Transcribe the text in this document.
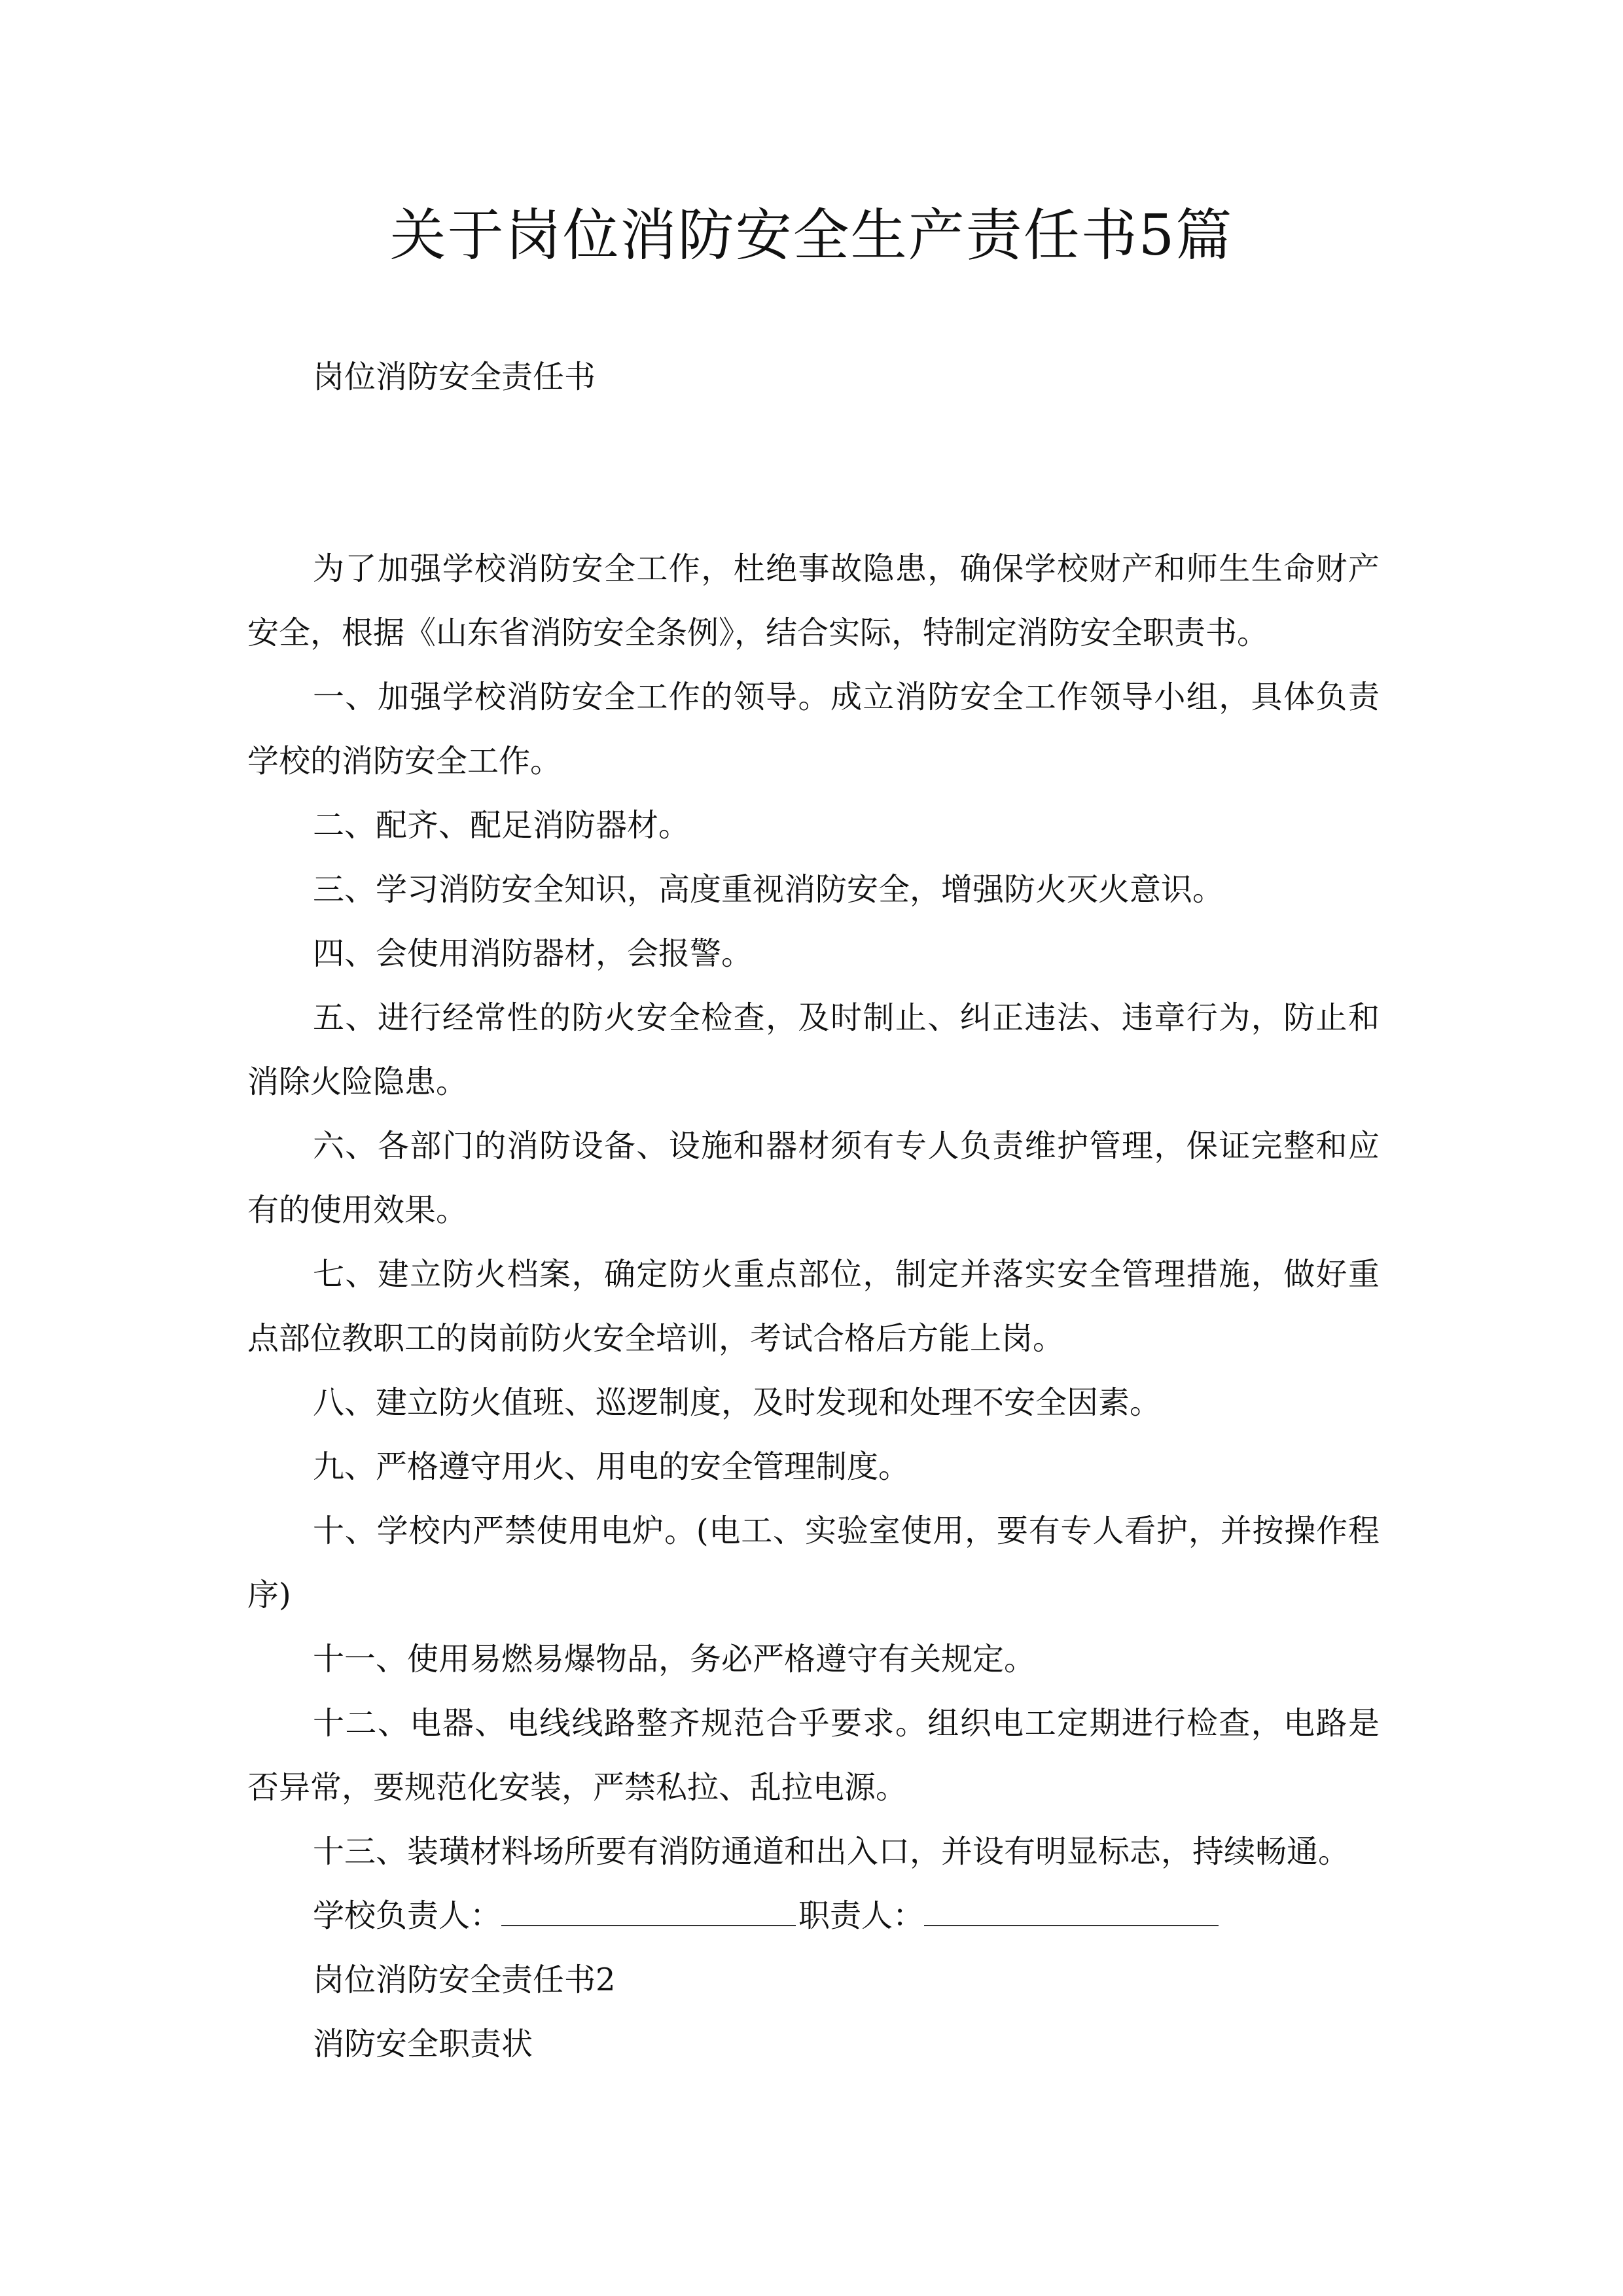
关于岗位消防安全生产责任书5篇

岗位消防安全责任书

为了加强学校消防安全工作，杜绝事故隐患，确保学校财产和师生生命财产安全，根据《山东省消防安全条例》，结合实际，特制定消防安全职责书。

一、加强学校消防安全工作的领导。成立消防安全工作领导小组，具体负责学校的消防安全工作。

二、配齐、配足消防器材。

三、学习消防安全知识，高度重视消防安全，增强防火灭火意识。

四、会使用消防器材，会报警。

五、进行经常性的防火安全检查，及时制止、纠正违法、违章行为，防止和消除火险隐患。

六、各部门的消防设备、设施和器材须有专人负责维护管理，保证完整和应有的使用效果。

七、建立防火档案，确定防火重点部位，制定并落实安全管理措施，做好重点部位教职工的岗前防火安全培训，考试合格后方能上岗。

八、建立防火值班、巡逻制度，及时发现和处理不安全因素。

九、严格遵守用火、用电的安全管理制度。

十、学校内严禁使用电炉。(电工、实验室使用，要有专人看护，并按操作程序)

十一、使用易燃易爆物品，务必严格遵守有关规定。

十二、电器、电线线路整齐规范合乎要求。组织电工定期进行检查，电路是否异常，要规范化安装，严禁私拉、乱拉电源。

十三、装璜材料场所要有消防通道和出入口，并设有明显标志，持续畅通。

学校负责人：	职责人：

岗位消防安全责任书2

消防安全职责状
